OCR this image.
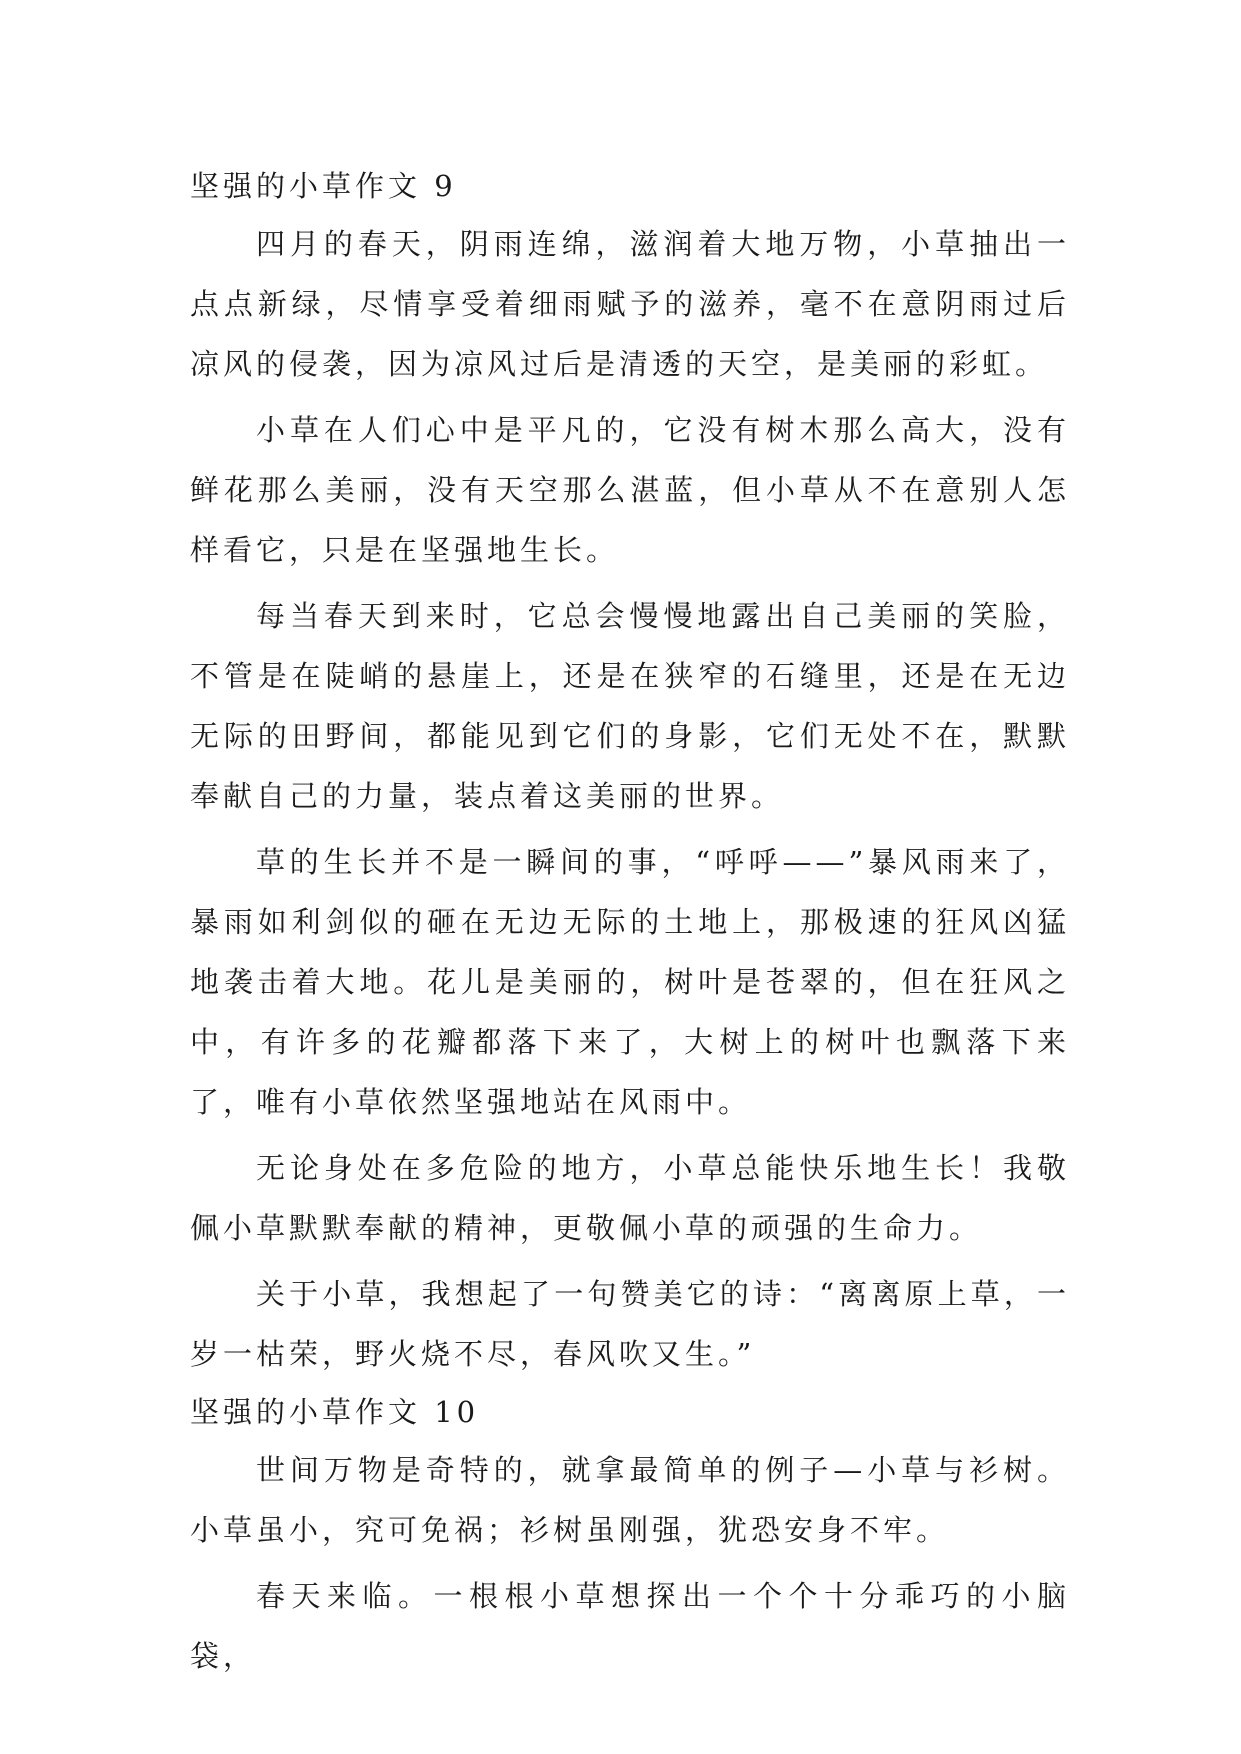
坚强的小草作文 9

四月的春天，阴雨连绵，滋润着大地万物，小草抽出一点点新绿，尽情享受着细雨赋予的滋养，毫不在意阴雨过后凉风的侵袭，因为凉风过后是清透的天空，是美丽的彩虹。

小草在人们心中是平凡的，它没有树木那么高大，没有鲜花那么美丽，没有天空那么湛蓝，但小草从不在意别人怎样看它，只是在坚强地生长。

每当春天到来时，它总会慢慢地露出自己美丽的笑脸，不管是在陡峭的悬崖上，还是在狭窄的石缝里，还是在无边无际的田野间，都能见到它们的身影，它们无处不在，默默奉献自己的力量，装点着这美丽的世界。

草的生长并不是一瞬间的事，“呼呼——”暴风雨来了，暴雨如利剑似的砸在无边无际的土地上，那极速的狂风凶猛地袭击着大地。花儿是美丽的，树叶是苍翠的，但在狂风之中，有许多的花瓣都落下来了，大树上的树叶也飘落下来了，唯有小草依然坚强地站在风雨中。

无论身处在多危险的地方，小草总能快乐地生长！我敬佩小草默默奉献的精神，更敬佩小草的顽强的生命力。

关于小草，我想起了一句赞美它的诗：“离离原上草，一岁一枯荣，野火烧不尽，春风吹又生。”

坚强的小草作文 10

世间万物是奇特的，就拿最简单的例子—小草与衫树。小草虽小，究可免祸；衫树虽刚强，犹恐安身不牢。

春天来临。一根根小草想探出一个个十分乖巧的小脑袋，
